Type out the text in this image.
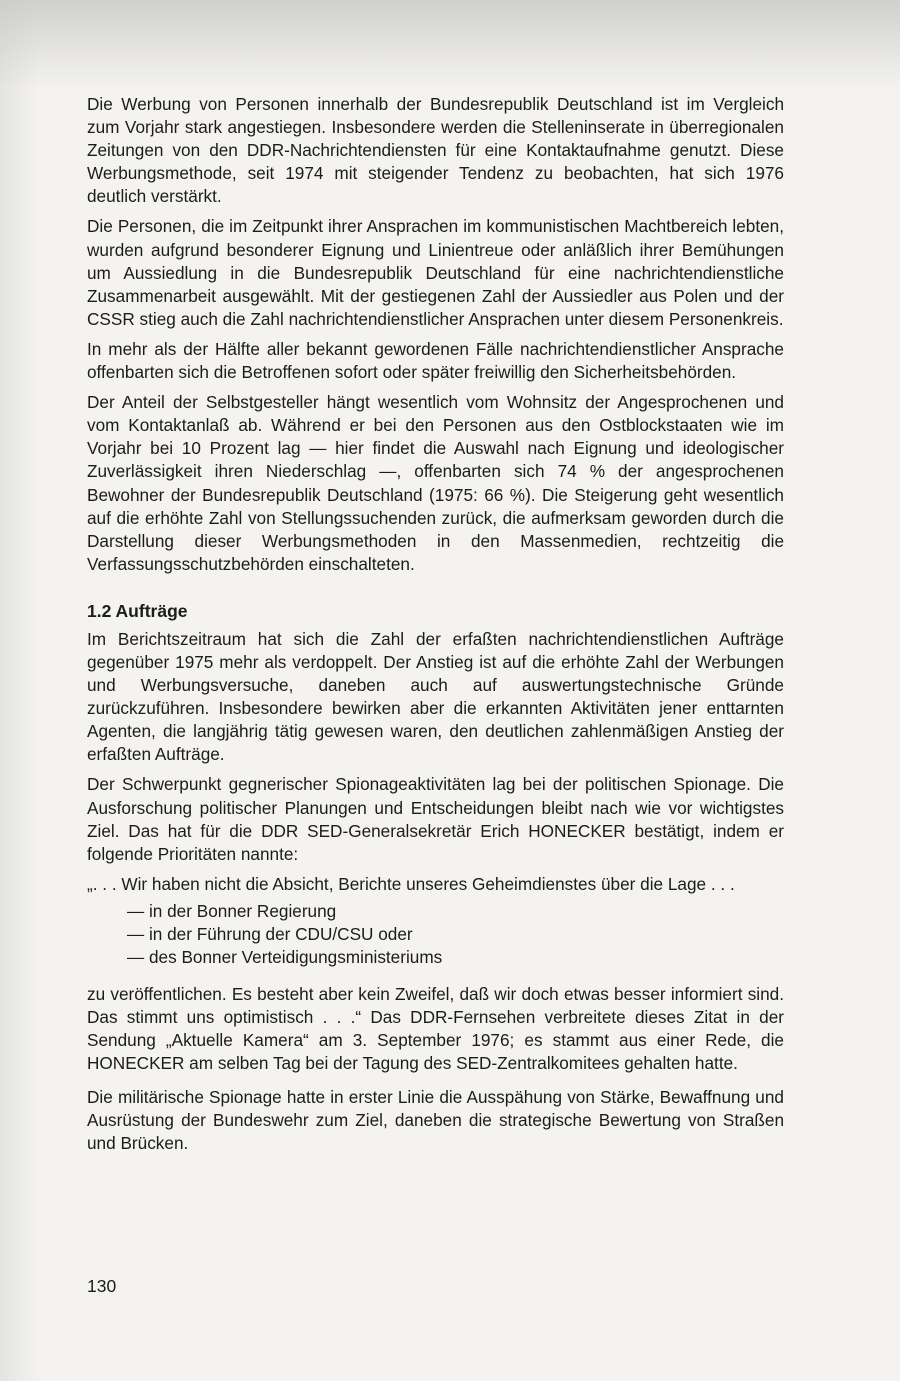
Die Werbung von Personen innerhalb der Bundesrepublik Deutschland ist im Vergleich zum Vorjahr stark angestiegen. Insbesondere werden die Stelleninserate in überregionalen Zeitungen von den DDR-Nachrichtendiensten für eine Kontaktaufnahme genutzt. Diese Werbungsmethode, seit 1974 mit steigender Tendenz zu beobachten, hat sich 1976 deutlich verstärkt.

Die Personen, die im Zeitpunkt ihrer Ansprachen im kommunistischen Machtbereich lebten, wurden aufgrund besonderer Eignung und Linientreue oder anläßlich ihrer Bemühungen um Aussiedlung in die Bundesrepublik Deutschland für eine nachrichtendienstliche Zusammenarbeit ausgewählt. Mit der gestiegenen Zahl der Aussiedler aus Polen und der CSSR stieg auch die Zahl nachrichtendienstlicher Ansprachen unter diesem Personenkreis.

In mehr als der Hälfte aller bekannt gewordenen Fälle nachrichtendienstlicher Ansprache offenbarten sich die Betroffenen sofort oder später freiwillig den Sicherheitsbehörden.

Der Anteil der Selbstgesteller hängt wesentlich vom Wohnsitz der Angesprochenen und vom Kontaktanlaß ab. Während er bei den Personen aus den Ostblockstaaten wie im Vorjahr bei 10 Prozent lag — hier findet die Auswahl nach Eignung und ideologischer Zuverlässigkeit ihren Niederschlag —, offenbarten sich 74 % der angesprochenen Bewohner der Bundesrepublik Deutschland (1975: 66 %). Die Steigerung geht wesentlich auf die erhöhte Zahl von Stellungssuchenden zurück, die aufmerksam geworden durch die Darstellung dieser Werbungsmethoden in den Massenmedien, rechtzeitig die Verfassungsschutzbehörden einschalteten.

1.2 Aufträge

Im Berichtszeitraum hat sich die Zahl der erfaßten nachrichtendienstlichen Aufträge gegenüber 1975 mehr als verdoppelt. Der Anstieg ist auf die erhöhte Zahl der Werbungen und Werbungsversuche, daneben auch auf auswertungstechnische Gründe zurückzuführen. Insbesondere bewirken aber die erkannten Aktivitäten jener enttarnten Agenten, die langjährig tätig gewesen waren, den deutlichen zahlenmäßigen Anstieg der erfaßten Aufträge.

Der Schwerpunkt gegnerischer Spionageaktivitäten lag bei der politischen Spionage. Die Ausforschung politischer Planungen und Entscheidungen bleibt nach wie vor wichtigstes Ziel. Das hat für die DDR SED-Generalsekretär Erich HONECKER bestätigt, indem er folgende Prioritäten nannte:

„. . . Wir haben nicht die Absicht, Berichte unseres Geheimdienstes über die Lage . . .

— in der Bonner Regierung
— in der Führung der CDU/CSU oder
— des Bonner Verteidigungsministeriums

zu veröffentlichen. Es besteht aber kein Zweifel, daß wir doch etwas besser informiert sind. Das stimmt uns optimistisch . . .“ Das DDR-Fernsehen verbreitete dieses Zitat in der Sendung „Aktuelle Kamera“ am 3. September 1976; es stammt aus einer Rede, die HONECKER am selben Tag bei der Tagung des SED-Zentralkomitees gehalten hatte.

Die militärische Spionage hatte in erster Linie die Ausspähung von Stärke, Bewaffnung und Ausrüstung der Bundeswehr zum Ziel, daneben die strategische Bewertung von Straßen und Brücken.

130
